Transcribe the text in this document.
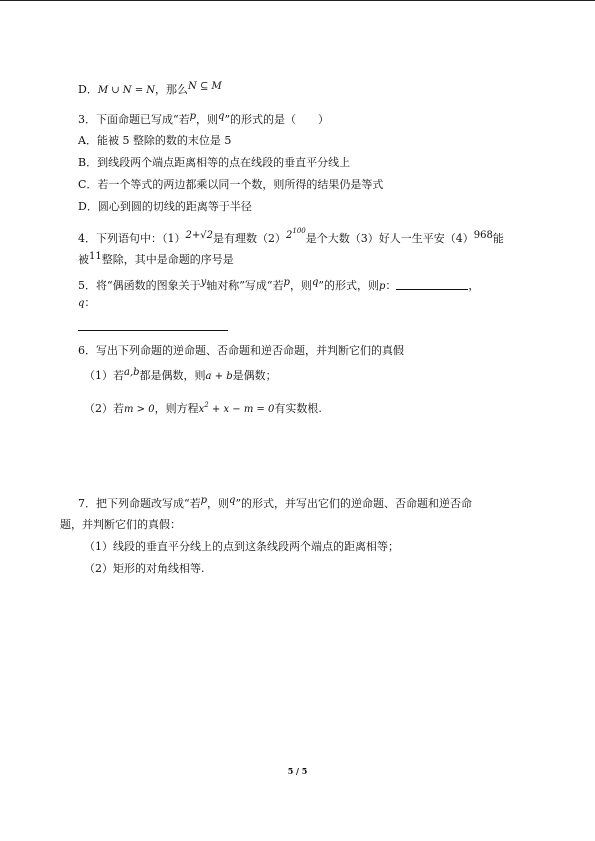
D．M ∪ N = N，那么N ⊆ M
3．下面命题已写成“若p，则q”的形式的是（　　）
A．能被 5 整除的数的末位是 5
B．到线段两个端点距离相等的点在线段的垂直平分线上
C．若一个等式的两边都乘以同一个数，则所得的结果仍是等式
D．圆心到圆的切线的距离等于半径
4．下列语句中：（1）2+√2是有理数$(2)2^{100}$是个大数（3）好人一生平安（4）968能
被11整除，其中是命题的序号是
5．将“偶函数的图象关于y轴对称”写成“若p，则q”的形式，则p：	，
q：
6．写出下列命题的逆命题、否命题和逆否命题，并判断它们的真假
（1）若a,b都是偶数，则a + b是偶数；
（2）若m > 0，则方程$x^2 + x - m = 0$有实数根.
7．把下列命题改写成“若p，则q”的形式，并写出它们的逆命题、否命题和逆否命
题，并判断它们的真假：
（1）线段的垂直平分线上的点到这条线段两个端点的距离相等；
（2）矩形的对角线相等.
5 / 5
